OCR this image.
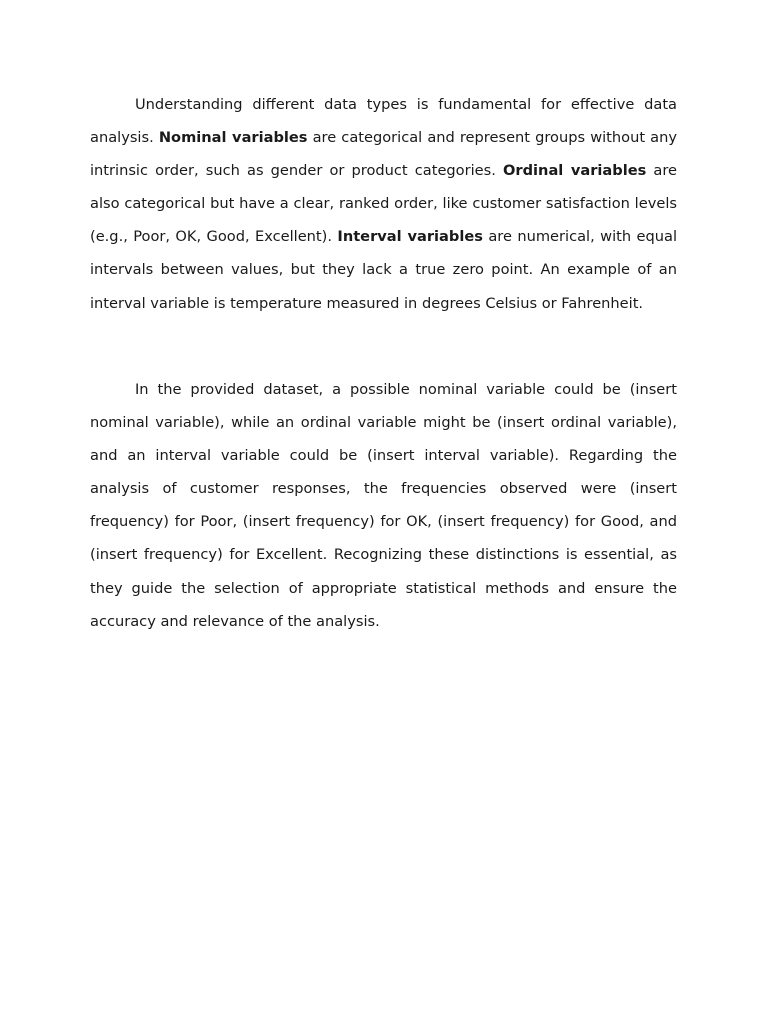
Understanding different data types is fundamental for effective data analysis. Nominal variables are categorical and represent groups without any intrinsic order, such as gender or product categories. Ordinal variables are also categorical but have a clear, ranked order, like customer satisfaction levels (e.g., Poor, OK, Good, Excellent). Interval variables are numerical, with equal intervals between values, but they lack a true zero point. An example of an interval variable is temperature measured in degrees Celsius or Fahrenheit.

In the provided dataset, a possible nominal variable could be (insert nominal variable), while an ordinal variable might be (insert ordinal variable), and an interval variable could be (insert interval variable). Regarding the analysis of customer responses, the frequencies observed were (insert frequency) for Poor, (insert frequency) for OK, (insert frequency) for Good, and (insert frequency) for Excellent. Recognizing these distinctions is essential, as they guide the selection of appropriate statistical methods and ensure the accuracy and relevance of the analysis.
